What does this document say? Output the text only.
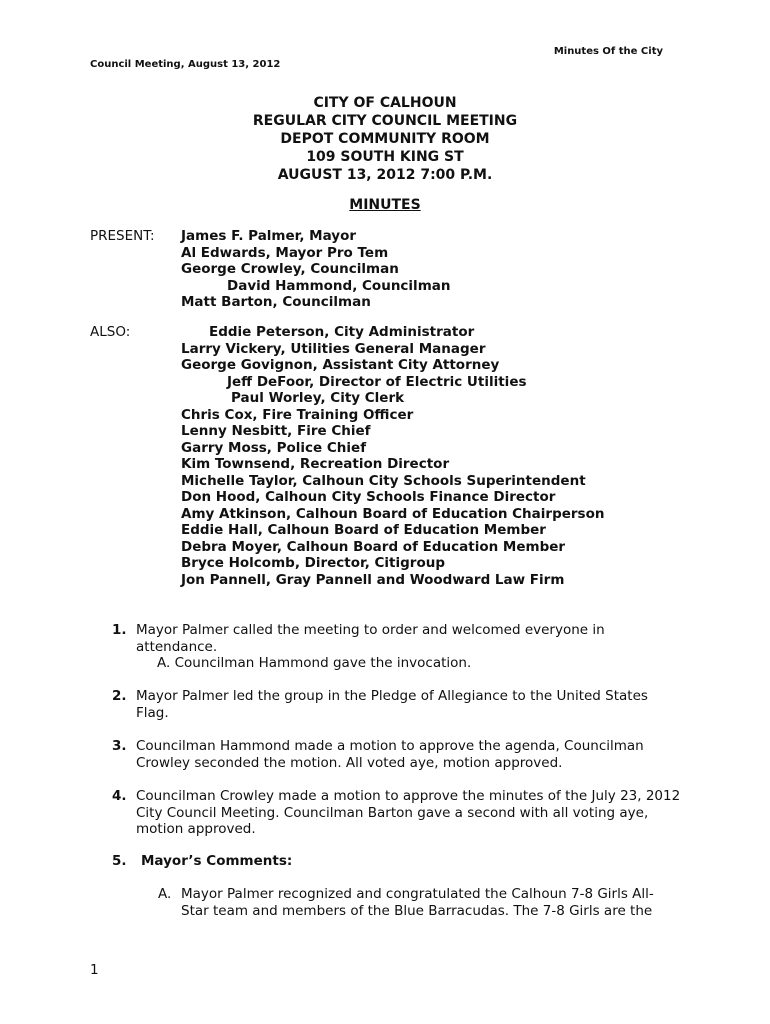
Minutes Of the City
Council Meeting, August 13, 2012
CITY OF CALHOUN
REGULAR CITY COUNCIL MEETING
DEPOT COMMUNITY ROOM
109 SOUTH KING ST
AUGUST 13, 2012 7:00 P.M.
MINUTES
PRESENT: James F. Palmer, Mayor
Al Edwards, Mayor Pro Tem
George Crowley, Councilman
David Hammond, Councilman
Matt Barton, Councilman
ALSO:	Eddie Peterson, City Administrator
Larry Vickery, Utilities General Manager
George Govignon, Assistant City Attorney
Jeff DeFoor, Director of Electric Utilities
Paul Worley, City Clerk
Chris Cox, Fire Training Officer
Lenny Nesbitt, Fire Chief
Garry Moss, Police Chief
Kim Townsend, Recreation Director
Michelle Taylor, Calhoun City Schools Superintendent
Don Hood, Calhoun City Schools Finance Director
Amy Atkinson, Calhoun Board of Education Chairperson
Eddie Hall, Calhoun Board of Education Member
Debra Moyer, Calhoun Board of Education Member
Bryce Holcomb, Director, Citigroup
Jon Pannell, Gray Pannell and Woodward Law Firm
1. Mayor Palmer called the meeting to order and welcomed everyone in attendance.
A. Councilman Hammond gave the invocation.
2. Mayor Palmer led the group in the Pledge of Allegiance to the United States Flag.
3. Councilman Hammond made a motion to approve the agenda, Councilman Crowley seconded the motion. All voted aye, motion approved.
4. Councilman Crowley made a motion to approve the minutes of the July 23, 2012 City Council Meeting. Councilman Barton gave a second with all voting aye, motion approved.
5. Mayor’s Comments:
A. Mayor Palmer recognized and congratulated the Calhoun 7-8 Girls All-Star team and members of the Blue Barracudas. The 7-8 Girls are the
1
